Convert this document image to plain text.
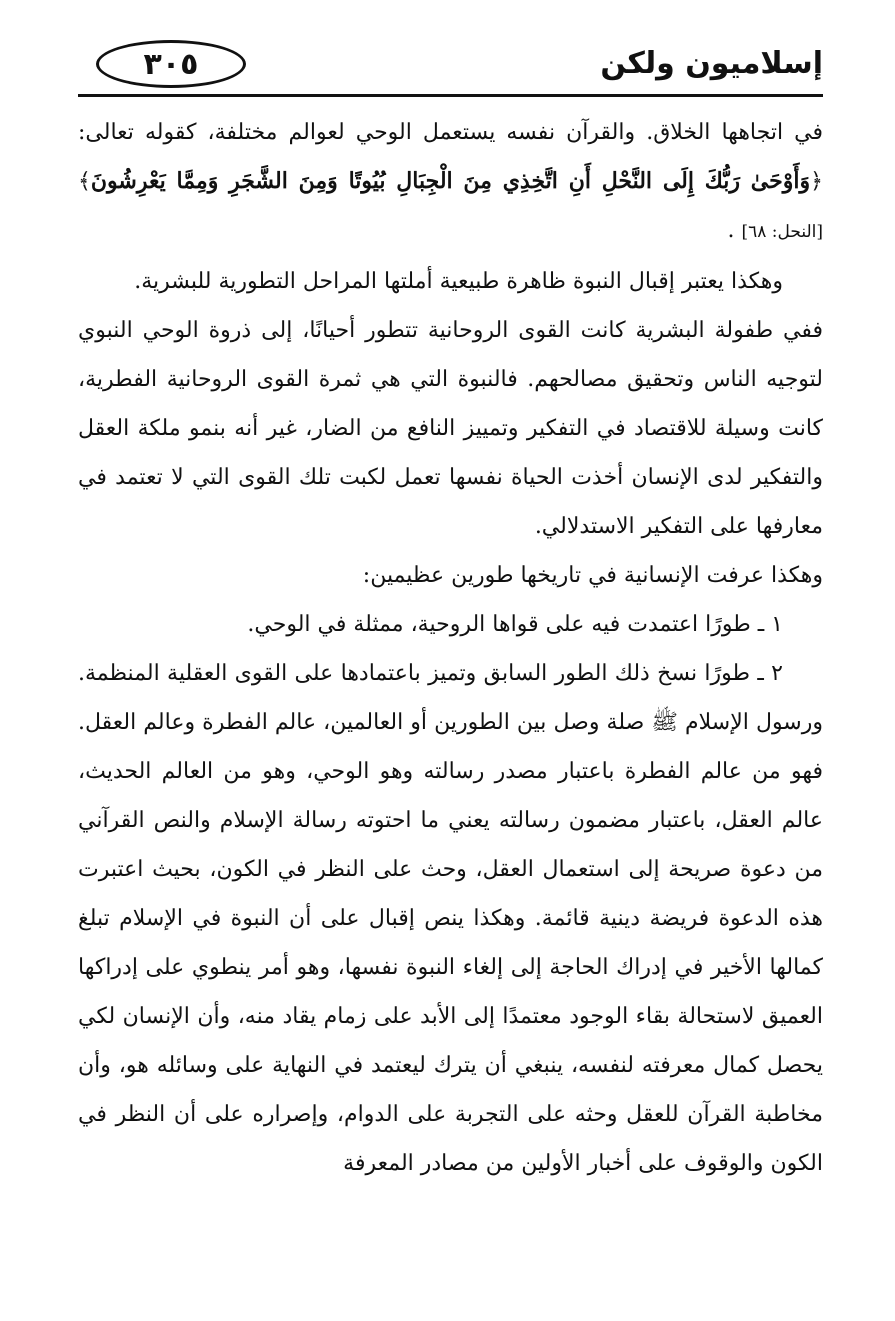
٣٠٥	إسلاميون ولكن

في اتجاهها الخلاق. والقرآن نفسه يستعمل الوحي لعوالم مختلفة، كقوله تعالى: ﴿وَأَوْحَىٰ رَبُّكَ إِلَى النَّحْلِ أَنِ اتَّخِذِي مِنَ الْجِبَالِ بُيُوتًا وَمِنَ الشَّجَرِ وَمِمَّا يَعْرِشُونَ﴾ [النحل: ٦٨] .

وهكذا يعتبر إقبال النبوة ظاهرة طبيعية أملتها المراحل التطورية للبشرية.

ففي طفولة البشرية كانت القوى الروحانية تتطور أحيانًا، إلى ذروة الوحي النبوي لتوجيه الناس وتحقيق مصالحهم. فالنبوة التي هي ثمرة القوى الروحانية الفطرية، كانت وسيلة للاقتصاد في التفكير وتمييز النافع من الضار، غير أنه بنمو ملكة العقل والتفكير لدى الإنسان أخذت الحياة نفسها تعمل لكبت تلك القوى التي لا تعتمد في معارفها على التفكير الاستدلالي.

وهكذا عرفت الإنسانية في تاريخها طورين عظيمين:

١ ـ طورًا اعتمدت فيه على قواها الروحية، ممثلة في الوحي.

٢ ـ طورًا نسخ ذلك الطور السابق وتميز باعتمادها على القوى العقلية المنظمة. ورسول الإسلام ﷺ صلة وصل بين الطورين أو العالمين، عالم الفطرة وعالم العقل. فهو من عالم الفطرة باعتبار مصدر رسالته وهو الوحي، وهو من العالم الحديث، عالم العقل، باعتبار مضمون رسالته يعني ما احتوته رسالة الإسلام والنص القرآني من دعوة صريحة إلى استعمال العقل، وحث على النظر في الكون، بحيث اعتبرت هذه الدعوة فريضة دينية قائمة. وهكذا ينص إقبال على أن النبوة في الإسلام تبلغ كمالها الأخير في إدراك الحاجة إلى إلغاء النبوة نفسها، وهو أمر ينطوي على إدراكها العميق لاستحالة بقاء الوجود معتمدًا إلى الأبد على زمام يقاد منه، وأن الإنسان لكي يحصل كمال معرفته لنفسه، ينبغي أن يترك ليعتمد في النهاية على وسائله هو، وأن مخاطبة القرآن للعقل وحثه على التجربة على الدوام، وإصراره على أن النظر في الكون والوقوف على أخبار الأولين من مصادر المعرفة
